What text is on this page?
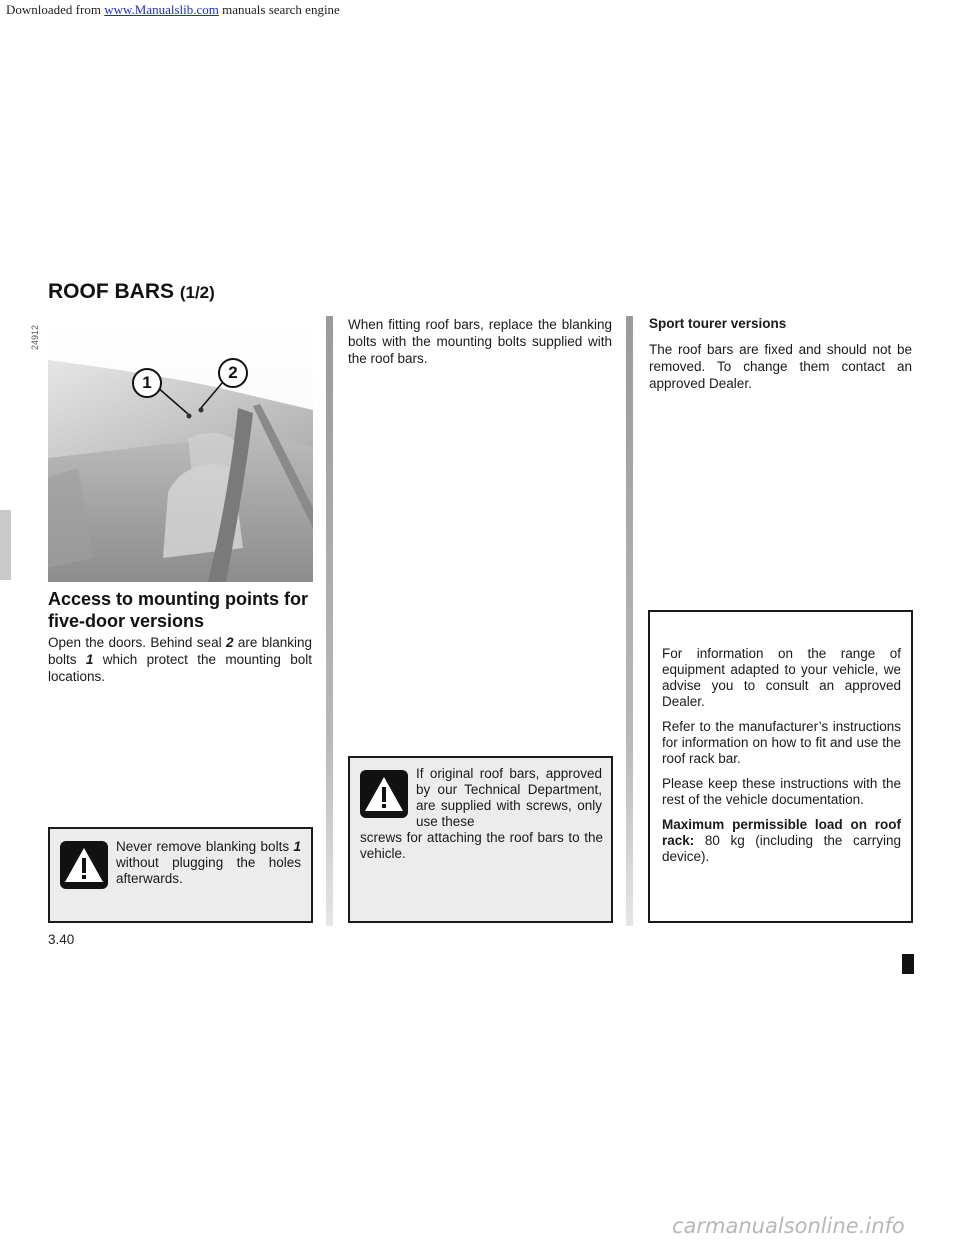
Downloaded from www.Manualslib.com manuals search engine
ROOF BARS (1/2)
24912
1
2
Access to mounting points for five-door versions
Open the doors. Behind seal 2 are blanking bolts 1 which protect the mounting bolt locations.
Never remove blanking bolts 1 without plugging the holes afterwards.
When fitting roof bars, replace the blanking bolts with the mounting bolts supplied with the roof bars.
If original roof bars, approved by our Technical Department, are supplied with screws, only use these
screws for attaching the roof bars to the vehicle.
Sport tourer versions
The roof bars are fixed and should not be removed. To change them contact an approved Dealer.

For information on the range of equipment adapted to your vehicle, we advise you to consult an approved Dealer.

Refer to the manufacturer’s instructions for information on how to fit and use the roof rack bar.

Please keep these instructions with the rest of the vehicle documentation.

Maximum permissible load on roof rack: 80 kg (including the carrying device).

3.40
carmanualsonline.info
